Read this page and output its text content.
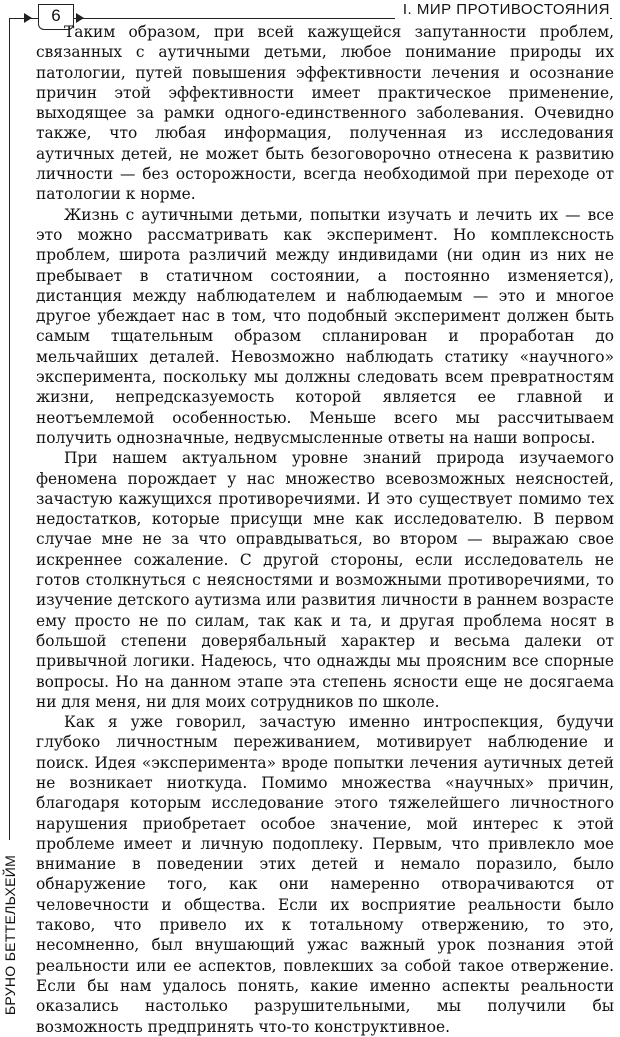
6	I. МИР ПРОТИВОСТОЯНИЯ
БРУНО БЕТТЕЛЬХЕЙМ

Таким образом, при всей кажущейся запутанности проблем, связанных с аутичными детьми, любое понимание природы их патологии, путей повышения эффективности лечения и осознание причин этой эффективности имеет практическое применение, выходящее за рамки одного-единственного заболевания. Очевидно также, что любая информация, полученная из исследования аутичных детей, не может быть безоговорочно отнесена к развитию личности — без осторожности, всегда необходимой при переходе от патологии к норме.

Жизнь с аутичными детьми, попытки изучать и лечить их — все это можно рассматривать как эксперимент. Но комплексность проблем, широта различий между индивидами (ни один из них не пребывает в статичном состоянии, а постоянно изменяется), дистанция между наблюдателем и наблюдаемым — это и многое другое убеждает нас в том, что подобный эксперимент должен быть самым тщательным образом спланирован и проработан до мельчайших деталей. Невозможно наблюдать статику «научного» эксперимента, поскольку мы должны следовать всем превратностям жизни, непредсказуемость которой является ее главной и неотъемлемой особенностью. Меньше всего мы рассчитываем получить однозначные, недвусмысленные ответы на наши вопросы.

При нашем актуальном уровне знаний природа изучаемого феномена порождает у нас множество всевозможных неясностей, зачастую кажущихся противоречиями. И это существует помимо тех недостатков, которые присущи мне как исследователю. В первом случае мне не за что оправдываться, во втором — выражаю свое искреннее сожаление. С другой стороны, если исследователь не готов столкнуться с неясностями и возможными противоречиями, то изучение детского аутизма или развития личности в раннем возрасте ему просто не по силам, так как и та, и другая проблема носят в большой степени доверябальный характер и весьма далеки от привычной логики. Надеюсь, что однажды мы проясним все спорные вопросы. Но на данном этапе эта степень ясности еще не досягаема ни для меня, ни для моих сотрудников по школе.

Как я уже говорил, зачастую именно интроспекция, будучи глубоко личностным переживанием, мотивирует наблюдение и поиск. Идея «эксперимента» вроде попытки лечения аутичных детей не возникает ниоткуда. Помимо множества «научных» причин, благодаря которым исследование этого тяжелейшего личностного нарушения приобретает особое значение, мой интерес к этой проблеме имеет и личную подоплеку. Первым, что привлекло мое внимание в поведении этих детей и немало поразило, было обнаружение того, как они намеренно отворачиваются от человечности и общества. Если их восприятие реальности было таково, что привело их к тотальному отвержению, то это, несомненно, был внушающий ужас важный урок познания этой реальности или ее аспектов, повлекших за собой такое отвержение. Если бы нам удалось понять, какие именно аспекты реальности оказались настолько разрушительными, мы получили бы возможность предпринять что-то конструктивное.
